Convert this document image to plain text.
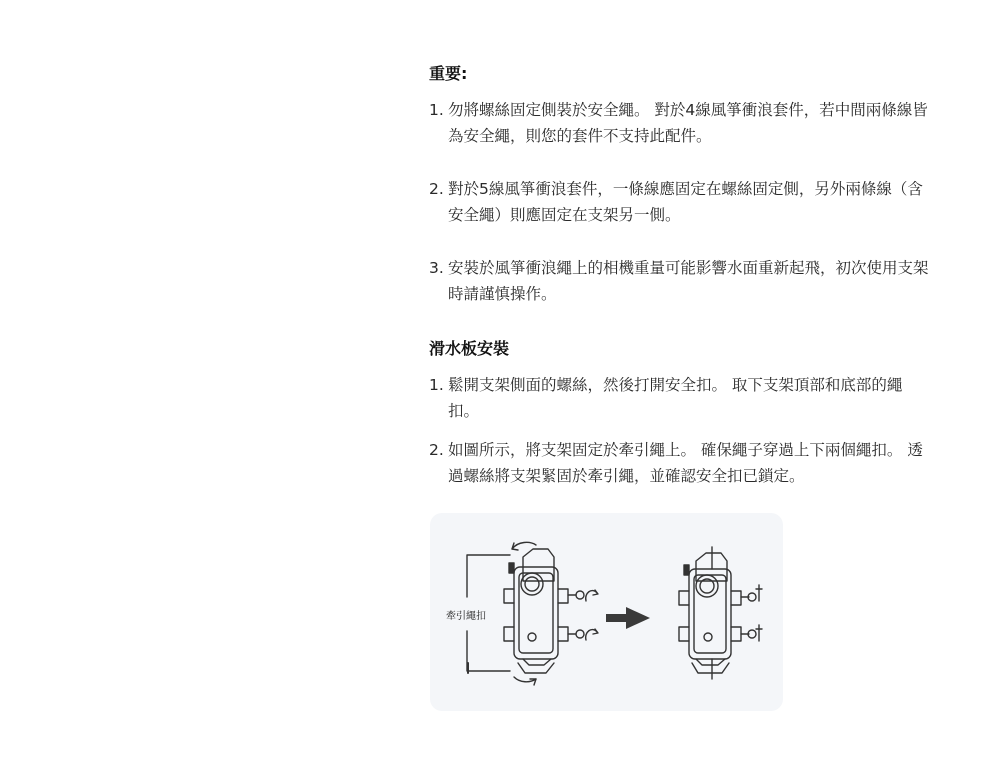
重要:
1. 勿將螺絲固定側裝於安全繩。 對於4線風箏衝浪套件，若中間兩條線皆為安全繩，則您的套件不支持此配件。
2. 對於5線風箏衝浪套件，一條線應固定在螺絲固定側，另外兩條線（含安全繩）則應固定在支架另一側。
3. 安裝於風箏衝浪繩上的相機重量可能影響水面重新起飛，初次使用支架時請謹慎操作。
滑水板安裝
1. 鬆開支架側面的螺絲，然後打開安全扣。 取下支架頂部和底部的繩扣。
2. 如圖所示，將支架固定於牽引繩上。 確保繩子穿過上下兩個繩扣。 透過螺絲將支架緊固於牽引繩，並確認安全扣已鎖定。
牽引繩扣
